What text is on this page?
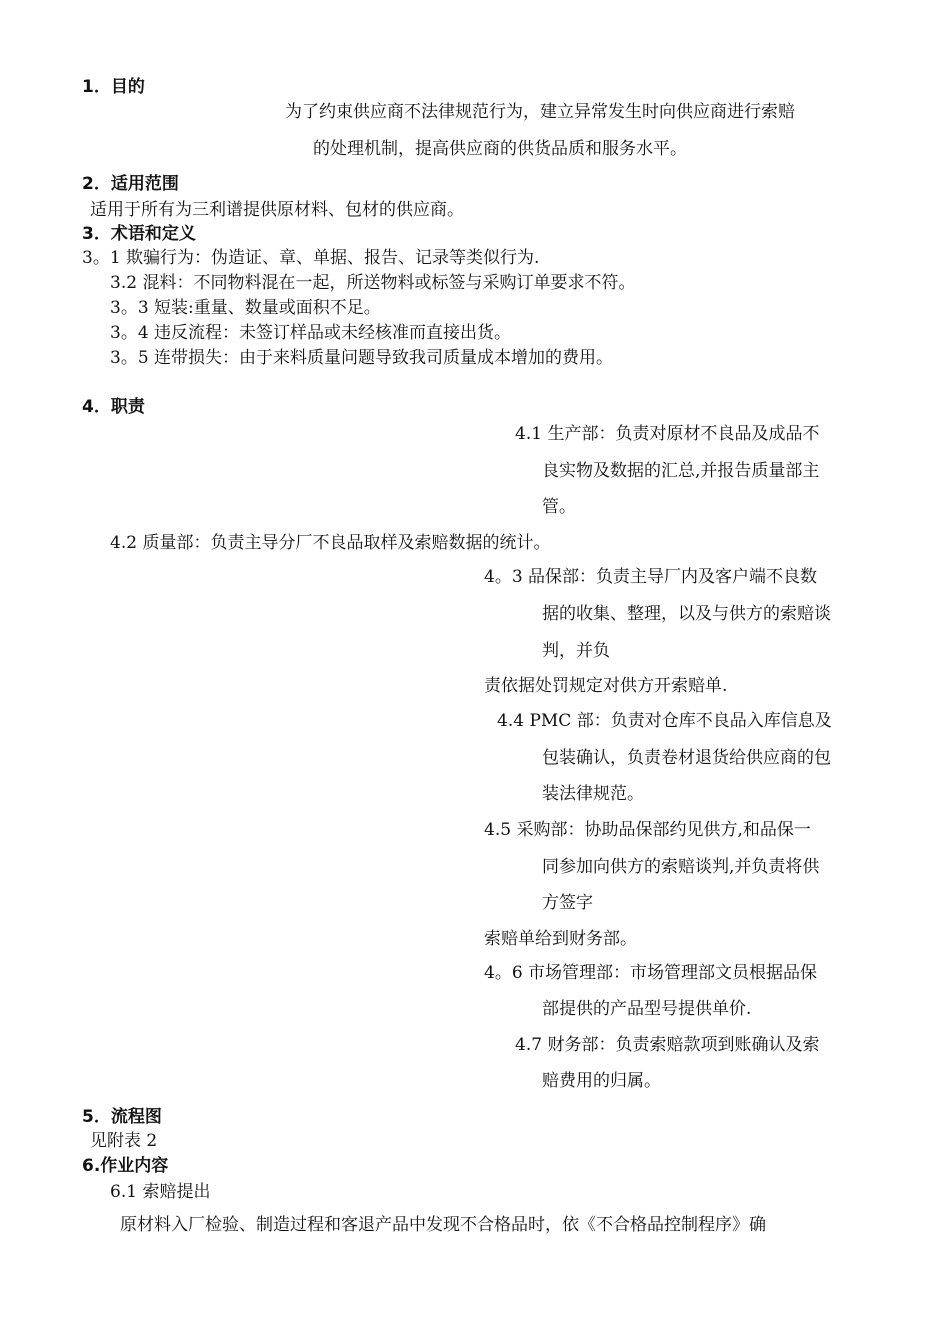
1．目的
为了约束供应商不法律规范行为，建立异常发生时向供应商进行索赔
的处理机制，提高供应商的供货品质和服务水平。
2．适用范围
适用于所有为三利谱提供原材料、包材的供应商。
3．术语和定义
3。1 欺骗行为：伪造证、章、单据、报告、记录等类似行为.
3.2 混料：不同物料混在一起，所送物料或标签与采购订单要求不符。
3。3 短装:重量、数量或面积不足。
3。4 违反流程：未签订样品或未经核准而直接出货。
3。5 连带损失：由于来料质量问题导致我司质量成本增加的费用。
4．职责
4.1 生产部：负责对原材不良品及成品不
良实物及数据的汇总,并报告质量部主
管。
4.2 质量部：负责主导分厂不良品取样及索赔数据的统计。
4。3 品保部：负责主导厂内及客户端不良数
据的收集、整理，以及与供方的索赔谈
判，并负
责依据处罚规定对供方开索赔单.
4.4 PMC 部：负责对仓库不良品入库信息及
包装确认，负责卷材退货给供应商的包
装法律规范。
4.5 采购部：协助品保部约见供方,和品保一
同参加向供方的索赔谈判,并负责将供
方签字
索赔单给到财务部。
4。6 市场管理部：市场管理部文员根据品保
部提供的产品型号提供单价.
4.7 财务部：负责索赔款项到账确认及索
赔费用的归属。
5．流程图
见附表 2
6.作业内容
6.1 索赔提出
原材料入厂检验、制造过程和客退产品中发现不合格品时，依《不合格品控制程序》确
